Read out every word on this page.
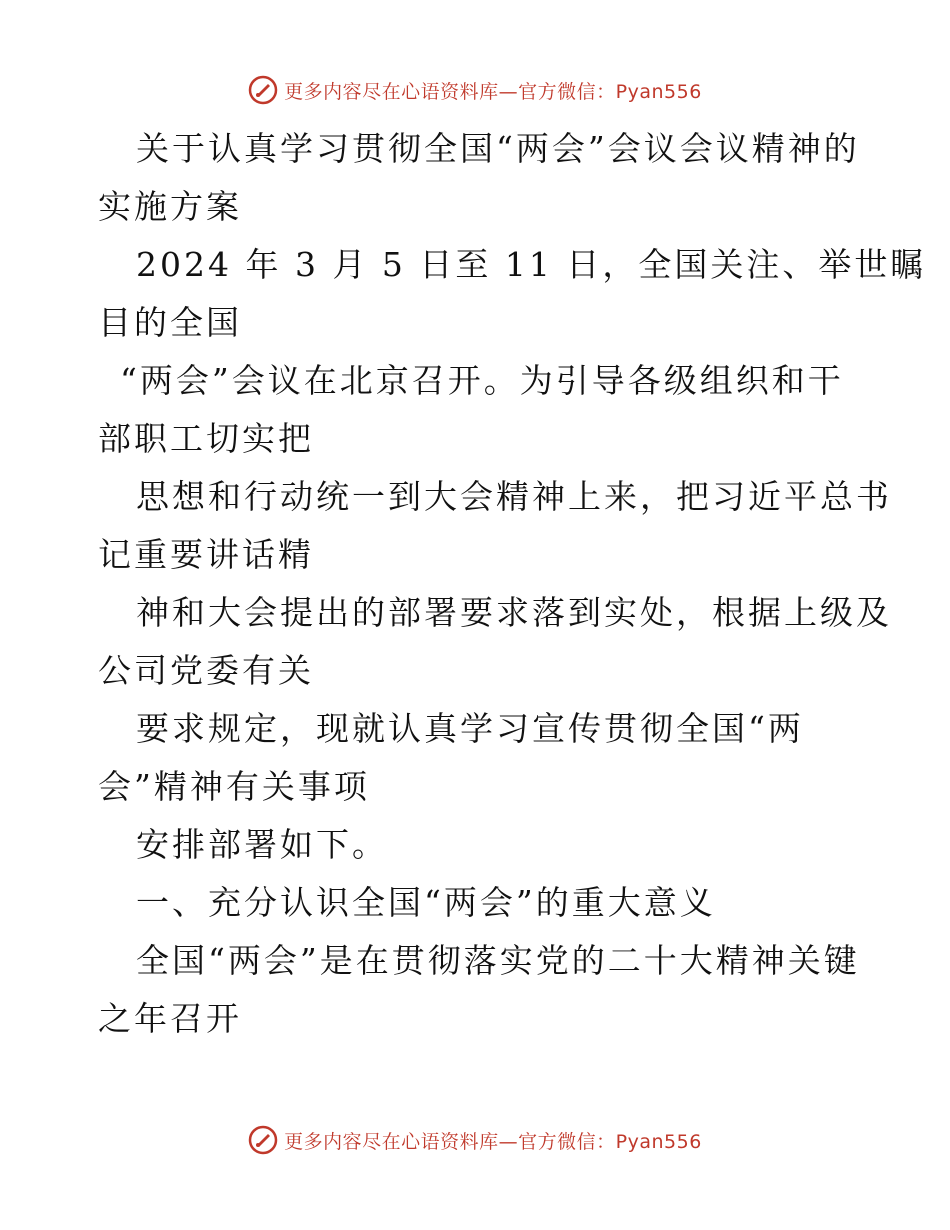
更多内容尽在心语资料库—官方微信：Pyan556
关于认真学习贯彻全国“两会”会议会议精神的
实施方案
2024 年 3 月 5 日至 11 日，全国关注、举世瞩
目的全国
“两会”会议在北京召开。为引导各级组织和干
部职工切实把
思想和行动统一到大会精神上来，把习近平总书
记重要讲话精
神和大会提出的部署要求落到实处，根据上级及
公司党委有关
要求规定，现就认真学习宣传贯彻全国“两
会”精神有关事项
安排部署如下。
一、充分认识全国“两会”的重大意义
全国“两会”是在贯彻落实党的二十大精神关键
之年召开
更多内容尽在心语资料库—官方微信：Pyan556
